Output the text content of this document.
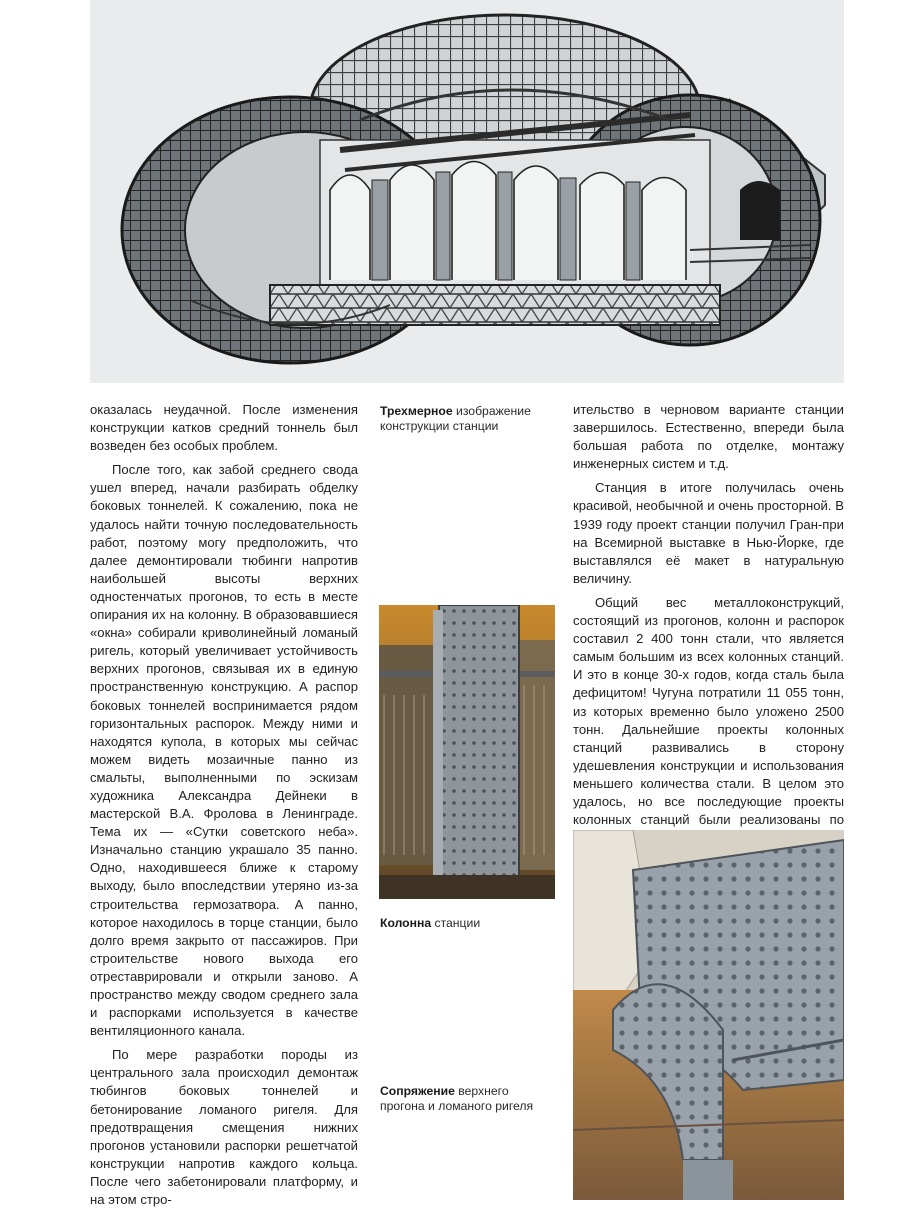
Трехмерное изображение конструкции станции

оказалась неудачной. После изменения конструкции катков средний тоннель был возведен без особых проблем.

После того, как забой среднего свода ушел вперед, начали разбирать обделку боковых тоннелей. К сожалению, пока не удалось найти точную последовательность работ, поэтому могу предположить, что далее демонтировали тюбинги напротив наибольшей высоты верхних одностенчатых прогонов, то есть в месте опирания их на колонну. В образовавшиеся «окна» собирали криволинейный ломаный ригель, который увеличивает устойчивость верхних прогонов, связывая их в единую пространственную конструкцию. А распор боковых тоннелей воспринимается рядом горизонтальных распорок. Между ними и находятся купола, в которых мы сейчас можем видеть мозаичные панно из смальты, выполненными по эскизам художника Александра Дейнеки в мастерской В.А. Фролова в Ленинграде. Тема их — «Сутки советского неба». Изначально станцию украшало 35 панно. Одно, находившееся ближе к старому выходу, было впоследствии утеряно из-за строительства гермозатвора. А панно, которое находилось в торце станции, было долго время закрыто от пассажиров. При строительстве нового выхода его отреставрировали и открыли заново. А пространство между сводом среднего зала и распорками используется в качестве вентиляционного канала.

По мере разработки породы из центрального зала происходил демонтаж тюбингов боковых тоннелей и бетонирование ломаного ригеля. Для предотвращения смещения нижних прогонов установили распорки решетчатой конструкции напротив каждого кольца. После чего забетонировали платформу, и на этом стро-

Колонна станции

ительство в черновом варианте станции завершилось. Естественно, впереди была большая работа по отделке, монтажу инженерных систем и т.д.

Станция в итоге получилась очень красивой, необычной и очень просторной. В 1939 году проект станции получил Гран-при на Всемирной выставке в Нью-Йорке, где выставлялся её макет в натуральную величину.

Общий вес металлоконструкций, состоящий из прогонов, колонн и распорок составил 2 400 тонн стали, что является самым большим из всех колонных станций. И это в конце 30-х годов, когда сталь была дефицитом! Чугуна потратили 11 055 тонн, из которых временно было уложено 2500 тонн. Дальнейшие проекты колонных станций развивались в сторону удешевления конструкции и использования меньшего количества стали. В целом это удалось, но все последующие проекты колонных станций были реализованы по

Сопряжение верхнего прогона и ломаного ригеля
